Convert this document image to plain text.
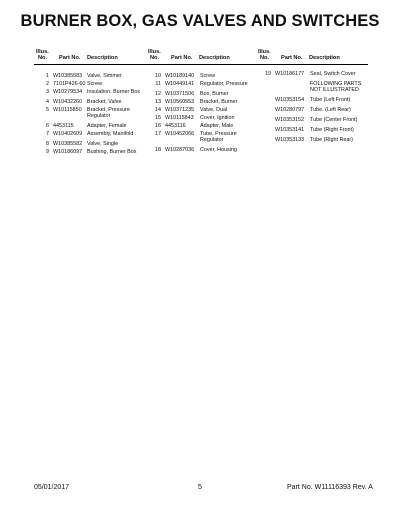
BURNER BOX, GAS VALVES AND SWITCHES
Illus.
No. Part No. Description
1 W10385583 Valve, Simmer
2 7101P426-60 Screw
3 W10279534 Insulation, Burner Box
4 W10432260 Bracket, Valve
5 W10115850 Bracket, Pressure Regulator
6 4453115 Adapter, Female
7 W10402609 Assembly, Manifold
8 W10385582 Valve, Single
9 W10186097 Bushing, Burner Box
Illus.
No. Part No. Description
10 W10189140 Screw
11 W10449141 Regulator, Pressure
12 W10371506 Box, Burner
13 W10560553 Bracket, Burner
14 W10371235 Valve, Dual
15 W10115843 Cover, Ignition
16 4453116	Adapter, Male
17 W10452066 Tube, Pressure Regulator
18 W10287036 Cover, Housing
Illus.
No. Part No. Description
19 W10186177 Seal, Switch Cover
FOLLOWING PARTS NOT ILLUSTRATED
W10353154 Tube (Left Front)
W10280797 Tube. (Left Rear)
W10353152 Tube (Center Front)
W10353141 Tube (Right Front)
W10353133 Tube (Right Rear)
05/01/2017	5	Part No. W11116393 Rev. A
